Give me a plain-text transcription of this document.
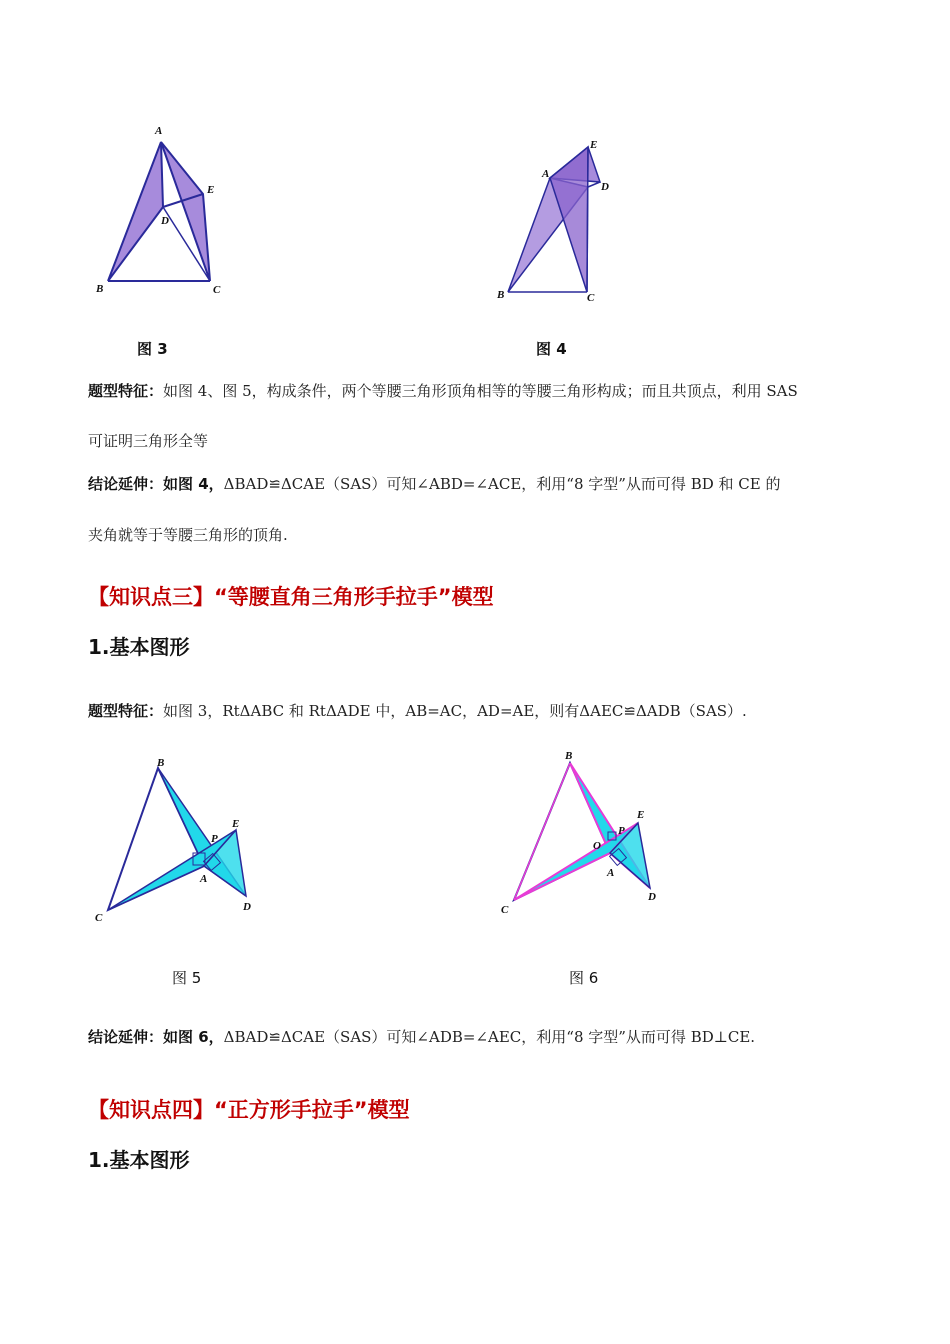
A
B	C
D
E
图 3
A
B	C
D
E
图 4
题型特征：如图 4、图 5，构成条件，两个等腰三角形顶角相等的等腰三角形构成；而且共顶点，利用 SAS
可证明三角形全等
结论延伸：如图 4，ΔBAD≌ΔCAE（SAS）可知∠ABD=∠ACE，利用“8 字型”从而可得 BD 和 CE 的
夹角就等于等腰三角形的顶角.
【知识点三】“等腰直角三角形手拉手”模型
1.基本图形
题型特征：如图 3，RtΔABC 和 RtΔADE 中，AB=AC，AD=AE，则有ΔAEC≌ΔADB（SAS）.
B
C
D
E
P
A
图 5
B
C
D
E
P
O
A
图 6
结论延伸：如图 6，ΔBAD≌ΔCAE（SAS）可知∠ADB=∠AEC，利用“8 字型”从而可得 BD⊥CE.
【知识点四】“正方形手拉手”模型
1.基本图形
